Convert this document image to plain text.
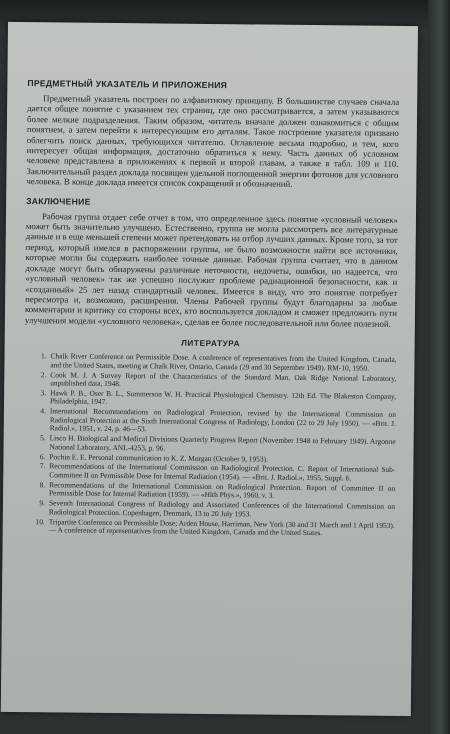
ПРЕДМЕТНЫЙ УКАЗАТЕЛЬ И ПРИЛОЖЕНИЯ

Предметный указатель построен по алфавитному принципу. В большинстве случаев сначала дается общее понятие с указанием тех страниц, где оно рассматривается, а затем указываются более мелкие подразделения. Таким образом, читатель вначале должен ознакомиться с общим понятием, а затем перейти к интересующим его деталям. Такое построение указателя призвано облегчить поиск данных, требующихся читателю. Оглавление весьма подробно, и тем, кого интересует общая информация, достаточно обратиться к нему. Часть данных об условном человеке представлена в приложениях к первой и второй главам, а также в табл. 109 и 110. Заключительный раздел доклада посвящен удельной поглощенной энергии фотонов для условного человека. В конце доклада имеется список сокращений и обозначений.

ЗАКЛЮЧЕНИЕ

Рабочая группа отдает себе отчет в том, что определенное здесь понятие «условный человек» может быть значительно улучшено. Естественно, группа не могла рассмотреть все литературные данные и в еще меньшей степени может претендовать на отбор лучших данных. Кроме того, за тот период, который имелся в распоряжении группы, не было возможности найти все источники, которые могли бы содержать наиболее точные данные. Рабочая группа считает, что в данном докладе могут быть обнаружены различные неточности, недочеты, ошибки, но надеется, что «условный человек» так же успешно послужит проблеме радиационной безопасности, как и «созданный» 25 лет назад стандартный человек. Имеется в виду, что это понятие потребует пересмотра и, возможно, расширения. Члены Рабочей группы будут благодарны за любые комментарии и критику со стороны всех, кто воспользуется докладом и сможет предложить пути улучшения модели «условного человека», сделав ее более последовательной или более полезной.

ЛИТЕРАТУРА
1. Chalk River Conference on Permissible Dose. A conference of representatives from the United Kingdom, Canada, and the United States, meeting at Chalk River, Ontario, Canada (29 and 30 September 1949). RM-10, 1950.
2. Cook M. J. A Survey Report of the Characteristics of the Standard Man. Oak Ridge National Laboratory, unpublished data, 1948.
3. Hawk P. B., Oser B. L., Summerson W. H. Practical Physiological Chemistry. 12th Ed. The Blakeston Company, Philadelphia, 1947.
4. International Recommendations on Radiological Protection, revised by the International Commission on Radiological Protection at the Sixth International Congress of Radiology, London (22 to 29 July 1950). — «Brit. J. Radiol.», 1951, v. 24, p. 46—53.
5. Lisco H. Biological and Medical Divisions Quarterly Progress Report (November 1948 to February 1949). Argonne National Laboratory, ANL-4253, p. 96.
6. Pochin E. E. Personal communication to K. Z. Morgan (October 9, 1953).
7. Recommendations of the International Commission on Radiological Protection. C. Report of International Sub-Committee II on Permissible Dose for Internal Radiation (1954). — «Brit. J. Radiol.», 1955, Suppl. 6.
8. Recommendations of the International Commission on Radiological Protection. Report of Committee II on Permissible Dose for Internal Radiation (1959). — «Hlth Phys.», 1960, v. 3.
9. Seventh International Congress of Radiology and Associated Conferences of the International Commission on Radiological Protection. Copenhagen, Denmark, 13 to 20 July 1953.
10. Tripartite Conference on Permissible Dose; Arden House, Harriman, New York (30 and 31 March and 1 April 1953). — A conference of representatives from the United Kingdom, Canada and the United States.
